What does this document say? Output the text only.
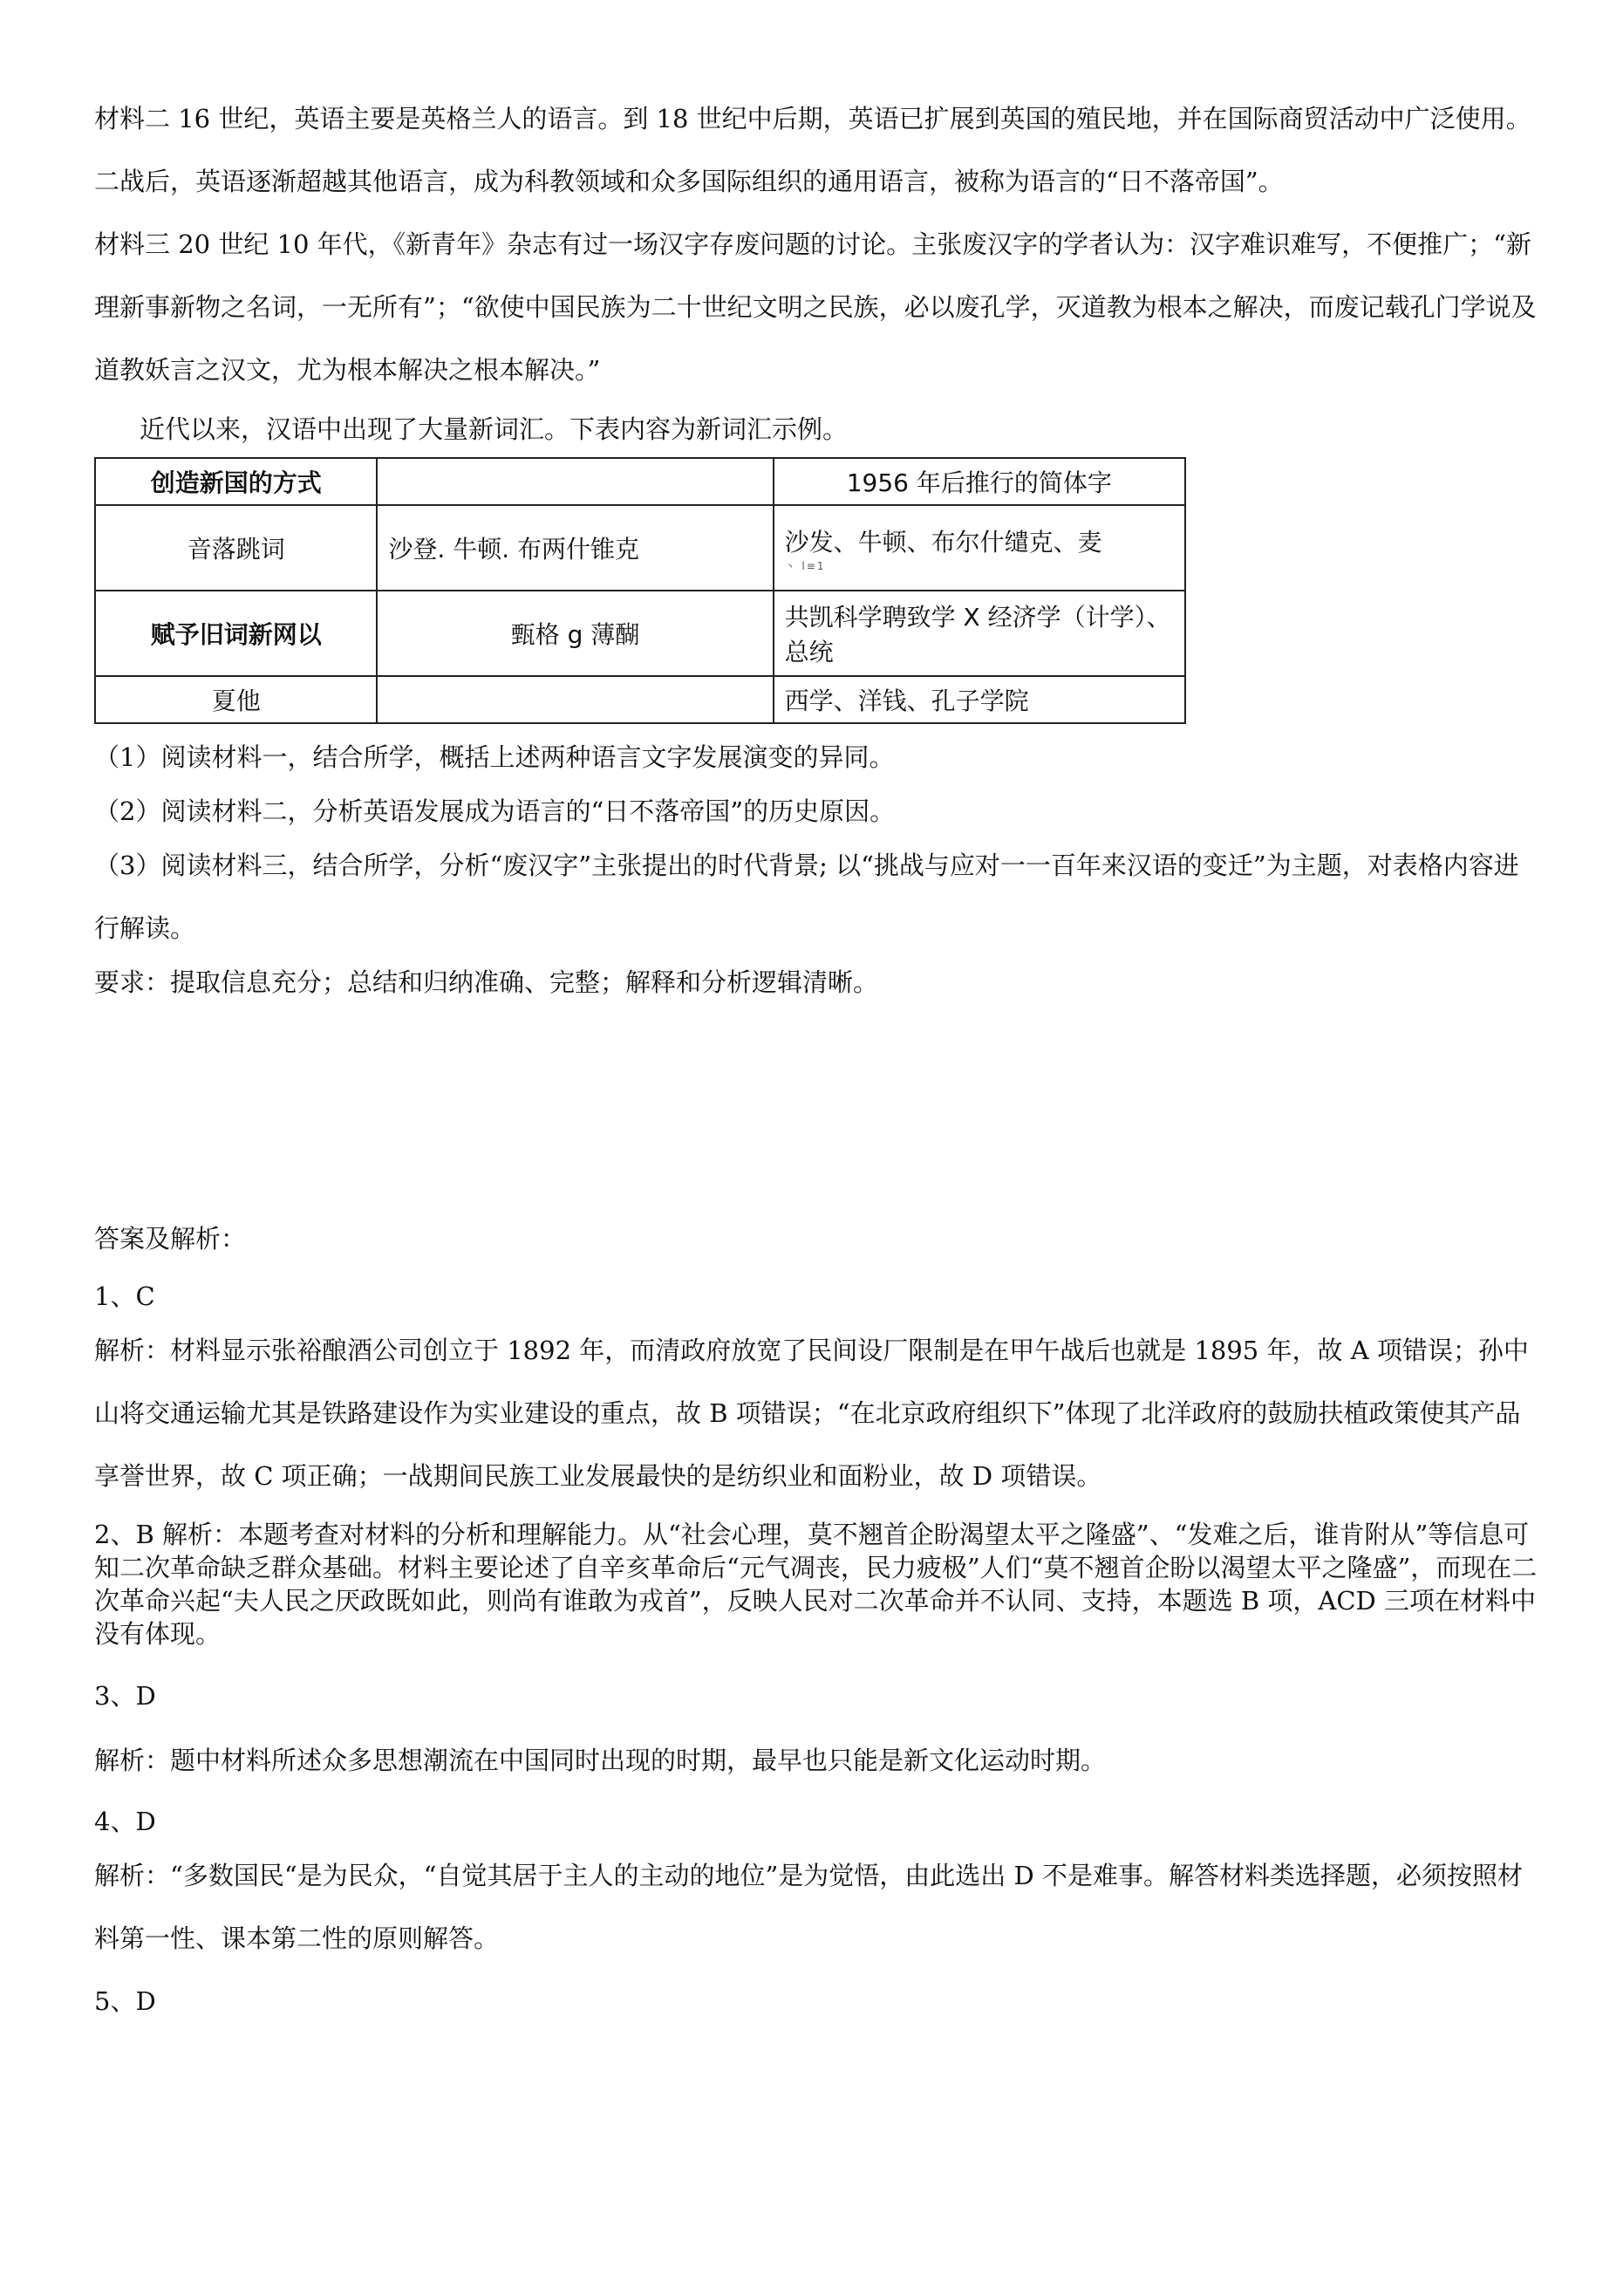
材料二 16 世纪，英语主要是英格兰人的语言。到 18 世纪中后期，英语已扩展到英国的殖民地，并在国际商贸活动中广泛使用。二战后，英语逐渐超越其他语言，成为科教领域和众多国际组织的通用语言，被称为语言的“日不落帝国”。

材料三 20 世纪 10 年代，《新青年》杂志有过一场汉字存废问题的讨论。主张废汉字的学者认为：汉字难识难写，不便推广；“新理新事新物之名词，一无所有”；“欲使中国民族为二十世纪文明之民族，必以废孔学，灭道教为根本之解决，而废记载孔门学说及道教妖言之汉文，尤为根本解决之根本解决。”

近代以来，汉语中出现了大量新词汇。下表内容为新词汇示例。

创造新国的方式		1956 年后推行的简体字
音落跳词	沙登. 牛顿. 布两什锥克	沙发、牛顿、布尔什缱克、麦
丶 l≡1

赋予旧词新网以	甄格 g 薄醐	共凯科学聘致学 X 经济学（计学）、总统
夏他		西学、洋钱、孔子学院

（1）阅读材料一，结合所学，概括上述两种语言文字发展演变的异同。

（2）阅读材料二，分析英语发展成为语言的“日不落帝国”的历史原因。

（3）阅读材料三，结合所学，分析“废汉字”主张提出的时代背景; 以“挑战与应对一一百年来汉语的变迁”为主题，对表格内容进行解读。

要求：提取信息充分；总结和归纳准确、完整；解释和分析逻辑清晰。

答案及解析：

1、C

解析：材料显示张裕酿酒公司创立于 1892 年，而清政府放宽了民间设厂限制是在甲午战后也就是 1895 年，故 A 项错误；孙中山将交通运输尤其是铁路建设作为实业建设的重点，故 B 项错误；“在北京政府组织下”体现了北洋政府的鼓励扶植政策使其产品享誉世界，故 C 项正确；一战期间民族工业发展最快的是纺织业和面粉业，故 D 项错误。

2、B 解析：本题考查对材料的分析和理解能力。从“社会心理，莫不翘首企盼渴望太平之隆盛”、“发难之后，谁肯附从”等信息可知二次革命缺乏群众基础。材料主要论述了自辛亥革命后“元气凋丧，民力疲极”人们“莫不翘首企盼以渴望太平之隆盛”，而现在二次革命兴起“夫人民之厌政既如此，则尚有谁敢为戎首”，反映人民对二次革命并不认同、支持，本题选 B 项，ACD 三项在材料中没有体现。

3、D

解析：题中材料所述众多思想潮流在中国同时出现的时期，最早也只能是新文化运动时期。

4、D

解析：“多数国民“是为民众，“自觉其居于主人的主动的地位”是为觉悟，由此选出 D 不是难事。解答材料类选择题，必须按照材料第一性、课本第二性的原则解答。

5、D
